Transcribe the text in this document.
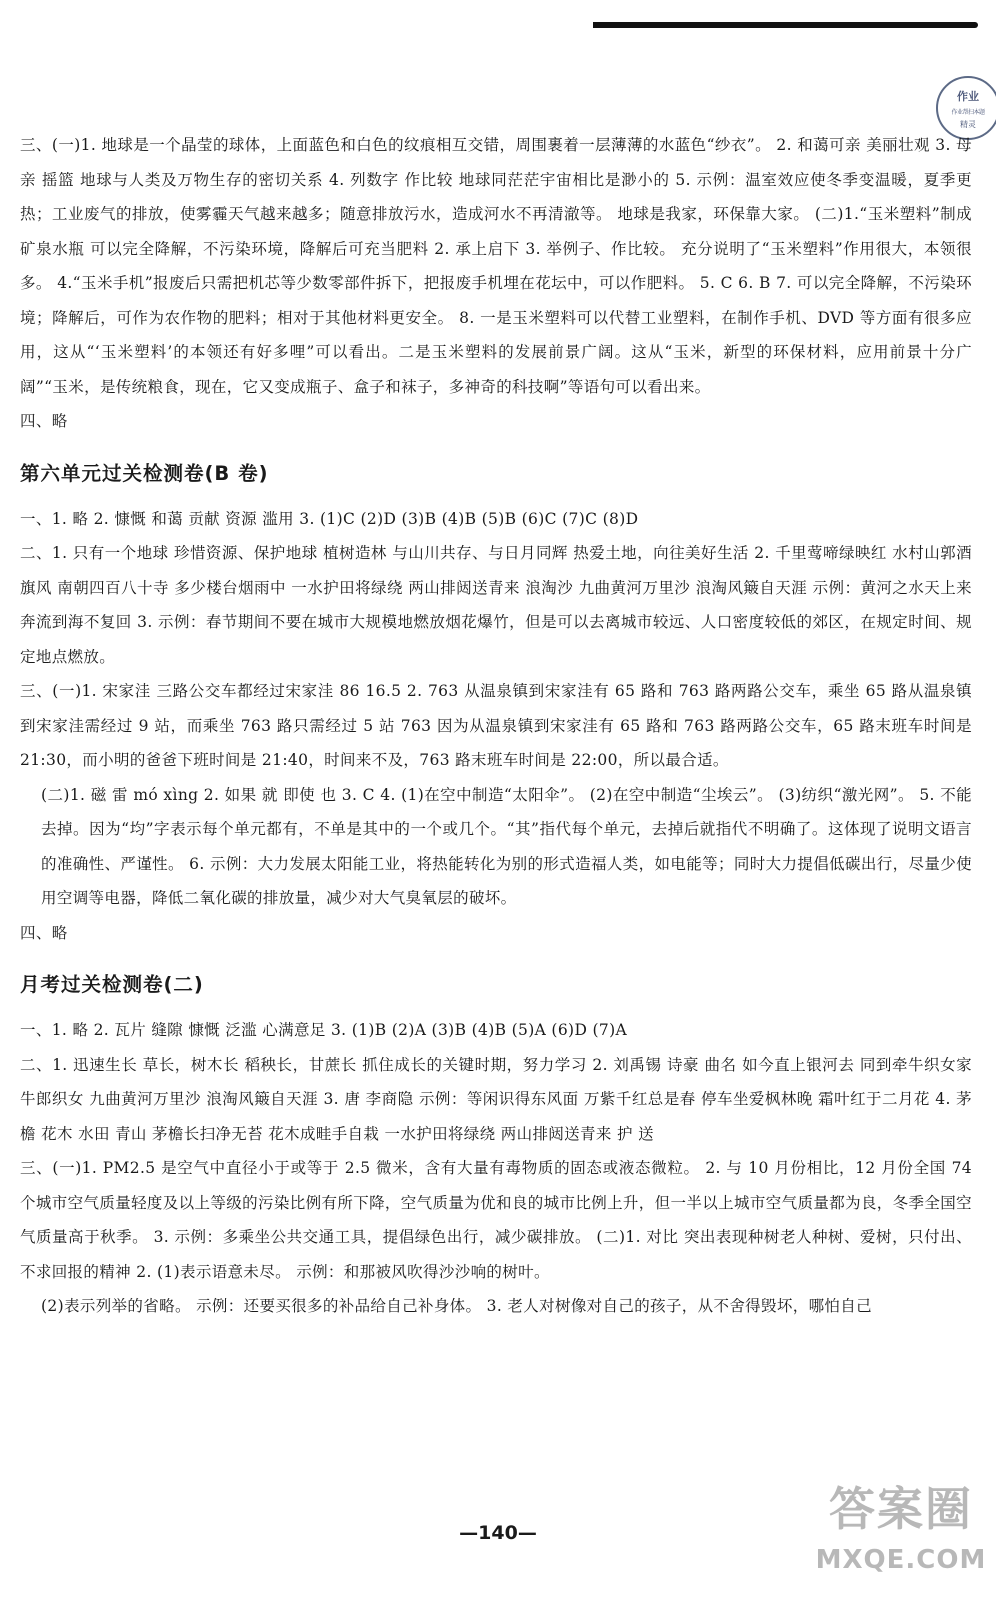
作业
作业帮扫本题
精灵

三、(一)1. 地球是一个晶莹的球体，上面蓝色和白色的纹痕相互交错，周围裹着一层薄薄的水蓝色“纱衣”。 2. 和蔼可亲 美丽壮观 3. 母亲 摇篮 地球与人类及万物生存的密切关系 4. 列数字 作比较 地球同茫茫宇宙相比是渺小的 5. 示例：温室效应使冬季变温暖，夏季更热；工业废气的排放，使雾霾天气越来越多；随意排放污水，造成河水不再清澈等。 地球是我家，环保靠大家。 (二)1.“玉米塑料”制成矿泉水瓶 可以完全降解，不污染环境，降解后可充当肥料 2. 承上启下 3. 举例子、作比较。 充分说明了“玉米塑料”作用很大，本领很多。 4.“玉米手机”报废后只需把机芯等少数零部件拆下，把报废手机埋在花坛中，可以作肥料。 5. C 6. B 7. 可以完全降解，不污染环境；降解后，可作为农作物的肥料；相对于其他材料更安全。 8. 一是玉米塑料可以代替工业塑料，在制作手机、DVD 等方面有很多应用，这从“‘玉米塑料’的本领还有好多哩”可以看出。二是玉米塑料的发展前景广阔。这从“玉米，新型的环保材料，应用前景十分广阔”“玉米，是传统粮食，现在，它又变成瓶子、盒子和袜子，多神奇的科技啊”等语句可以看出来。

四、略

第六单元过关检测卷(B 卷)

一、1. 略 2. 慷慨 和蔼 贡献 资源 滥用 3. (1)C (2)D (3)B (4)B (5)B (6)C (7)C (8)D

二、1. 只有一个地球 珍惜资源、保护地球 植树造林 与山川共存、与日月同辉 热爱土地，向往美好生活 2. 千里莺啼绿映红 水村山郭酒旗风 南朝四百八十寺 多少楼台烟雨中 一水护田将绿绕 两山排闼送青来 浪淘沙 九曲黄河万里沙 浪淘风簸自天涯 示例：黄河之水天上来 奔流到海不复回 3. 示例：春节期间不要在城市大规模地燃放烟花爆竹，但是可以去离城市较远、人口密度较低的郊区，在规定时间、规定地点燃放。

三、(一)1. 宋家洼 三路公交车都经过宋家洼 86 16.5 2. 763 从温泉镇到宋家洼有 65 路和 763 路两路公交车，乘坐 65 路从温泉镇到宋家洼需经过 9 站，而乘坐 763 路只需经过 5 站 763 因为从温泉镇到宋家洼有 65 路和 763 路两路公交车，65 路末班车时间是 21:30，而小明的爸爸下班时间是 21:40，时间来不及，763 路末班车时间是 22:00，所以最合适。

(二)1. 磁 雷 mó xìng 2. 如果 就 即使 也 3. C 4. (1)在空中制造“太阳伞”。 (2)在空中制造“尘埃云”。 (3)纺织“激光网”。 5. 不能去掉。因为“均”字表示每个单元都有，不单是其中的一个或几个。“其”指代每个单元，去掉后就指代不明确了。这体现了说明文语言的准确性、严谨性。 6. 示例：大力发展太阳能工业，将热能转化为别的形式造福人类，如电能等；同时大力提倡低碳出行，尽量少使用空调等电器，降低二氧化碳的排放量，减少对大气臭氧层的破坏。

四、略

月考过关检测卷(二)

一、1. 略 2. 瓦片 缝隙 慷慨 泛滥 心满意足 3. (1)B (2)A (3)B (4)B (5)A (6)D (7)A

二、1. 迅速生长 草长，树木长 稻秧长，甘蔗长 抓住成长的关键时期，努力学习 2. 刘禹锡 诗豪 曲名 如今直上银河去 同到牵牛织女家 牛郎织女 九曲黄河万里沙 浪淘风簸自天涯 3. 唐 李商隐 示例：等闲识得东风面 万紫千红总是春 停车坐爱枫林晚 霜叶红于二月花 4. 茅檐 花木 水田 青山 茅檐长扫净无苔 花木成畦手自栽 一水护田将绿绕 两山排闼送青来 护 送

三、(一)1. PM2.5 是空气中直径小于或等于 2.5 微米，含有大量有毒物质的固态或液态微粒。 2. 与 10 月份相比，12 月份全国 74 个城市空气质量轻度及以上等级的污染比例有所下降，空气质量为优和良的城市比例上升，但一半以上城市空气质量都为良，冬季全国空气质量高于秋季。 3. 示例：多乘坐公共交通工具，提倡绿色出行，减少碳排放。 (二)1. 对比 突出表现种树老人种树、爱树，只付出、不求回报的精神 2. (1)表示语意未尽。 示例：和那被风吹得沙沙响的树叶。

(2)表示列举的省略。 示例：还要买很多的补品给自己补身体。 3. 老人对树像对自己的孩子，从不舍得毁坏，哪怕自己

—140—	答案圈
MXQE.COM
